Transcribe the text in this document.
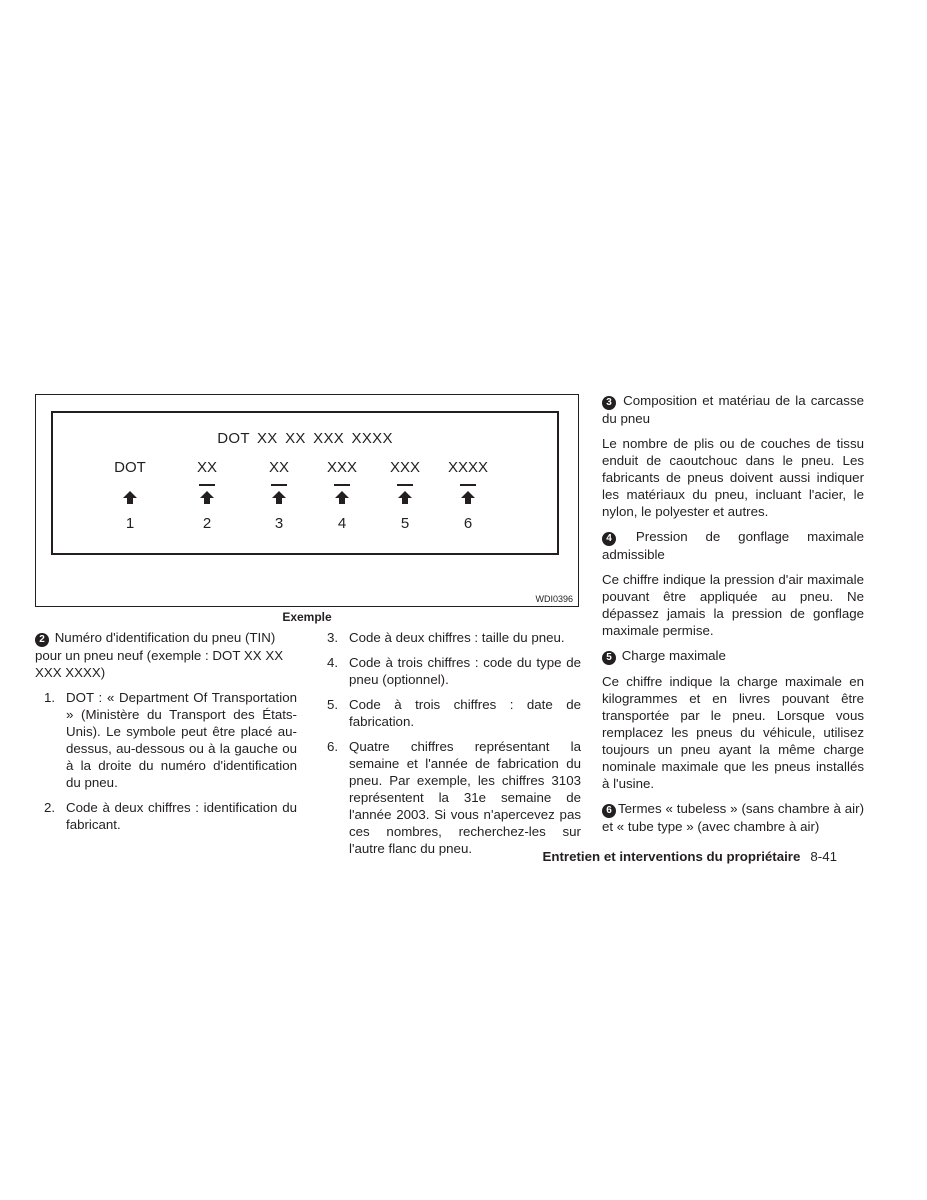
DOT XX XX XXX XXXX
DOT
1
XX
2
XX
3
XXX
4
XXX
5
XXXX
6
WDI0396
Exemple

2 Numéro d'identification du pneu (TIN) pour un pneu neuf (exemple : DOT XX XX XXX XXXX)

1. DOT : « Department Of Transportation » (Ministère du Transport des États-Unis). Le symbole peut être placé au-dessus, au-dessous ou à la gauche ou à la droite du numéro d'identification du pneu.
2. Code à deux chiffres : identification du fabricant.
3. Code à deux chiffres : taille du pneu.
4. Code à trois chiffres : code du type de pneu (optionnel).
5. Code à trois chiffres : date de fabrication.
6. Quatre chiffres représentant la semaine et l'année de fabrication du pneu. Par exemple, les chiffres 3103 représentent la 31e semaine de l'année 2003. Si vous n'apercevez pas ces nombres, recherchez-les sur l'autre flanc du pneu.

3 Composition et matériau de la carcasse du pneu

Le nombre de plis ou de couches de tissu enduit de caoutchouc dans le pneu. Les fabricants de pneus doivent aussi indiquer les matériaux du pneu, incluant l'acier, le nylon, le polyester et autres.

4 Pression de gonflage maximale admissible

Ce chiffre indique la pression d'air maximale pouvant être appliquée au pneu. Ne dépassez jamais la pression de gonflage maximale permise.

5 Charge maximale

Ce chiffre indique la charge maximale en kilogrammes et en livres pouvant être transportée par le pneu. Lorsque vous remplacez les pneus du véhicule, utilisez toujours un pneu ayant la même charge nominale maximale que les pneus installés à l'usine.

6 Termes « tubeless » (sans chambre à air) et « tube type » (avec chambre à air)

Entretien et interventions du propriétaire 8-41
